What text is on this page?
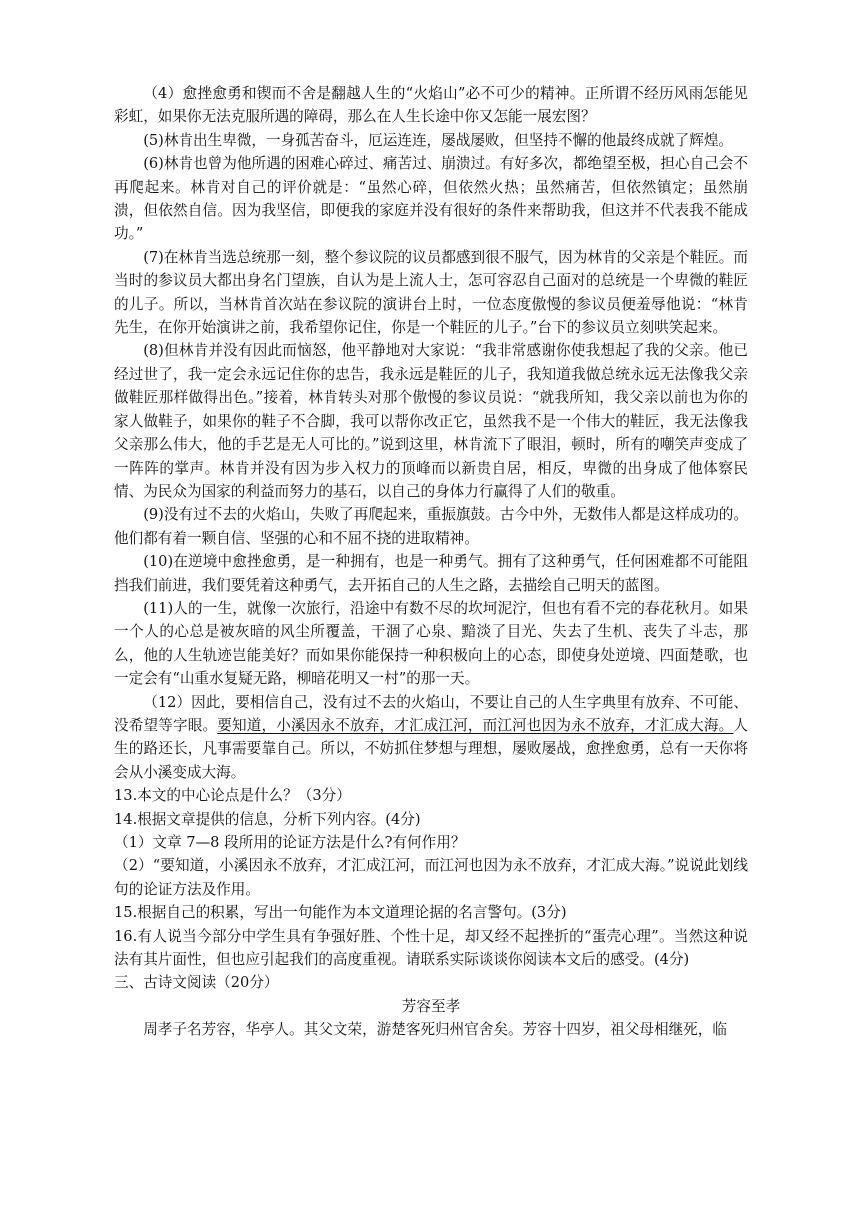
（4）愈挫愈勇和锲而不舍是翻越人生的“火焰山”必不可少的精神。正所谓不经历风雨怎能见彩虹，如果你无法克服所遇的障碍，那么在人生长途中你又怎能一展宏图？

(5)林肯出生卑微，一身孤苦奋斗，厄运连连，屡战屡败，但坚持不懈的他最终成就了辉煌。

(6)林肯也曾为他所遇的困难心碎过、痛苦过、崩溃过。有好多次，都绝望至极，担心自己会不再爬起来。林肯对自己的评价就是：“虽然心碎，但依然火热；虽然痛苦，但依然镇定；虽然崩溃，但依然自信。因为我坚信，即便我的家庭并没有很好的条件来帮助我，但这并不代表我不能成功。”

(7)在林肯当选总统那一刻，整个参议院的议员都感到很不服气，因为林肯的父亲是个鞋匠。而当时的参议员大都出身名门望族，自认为是上流人士，怎可容忍自己面对的总统是一个卑微的鞋匠的儿子。所以，当林肯首次站在参议院的演讲台上时，一位态度傲慢的参议员便羞辱他说：“林肯先生，在你开始演讲之前，我希望你记住，你是一个鞋匠的儿子。”台下的参议员立刻哄笑起来。

(8)但林肯并没有因此而恼怒，他平静地对大家说：“我非常感谢你使我想起了我的父亲。他已经过世了，我一定会永远记住你的忠告，我永远是鞋匠的儿子，我知道我做总统永远无法像我父亲做鞋匠那样做得出色。”接着，林肯转头对那个傲慢的参议员说：“就我所知，我父亲以前也为你的家人做鞋子，如果你的鞋子不合脚，我可以帮你改正它，虽然我不是一个伟大的鞋匠，我无法像我父亲那么伟大，他的手艺是无人可比的。”说到这里，林肯流下了眼泪，顿时，所有的嘲笑声变成了一阵阵的掌声。林肯并没有因为步入权力的顶峰而以新贵自居，相反，卑微的出身成了他体察民情、为民众为国家的利益而努力的基石，以自己的身体力行赢得了人们的敬重。

(9)没有过不去的火焰山，失败了再爬起来，重振旗鼓。古今中外，无数伟人都是这样成功的。他们都有着一颗自信、坚强的心和不屈不挠的进取精神。

(10)在逆境中愈挫愈勇，是一种拥有，也是一种勇气。拥有了这种勇气，任何困难都不可能阻挡我们前进，我们要凭着这种勇气，去开拓自己的人生之路，去描绘自己明天的蓝图。

(11)人的一生，就像一次旅行，沿途中有数不尽的坎坷泥泞，但也有看不完的春花秋月。如果一个人的心总是被灰暗的风尘所覆盖，干涸了心泉、黯淡了目光、失去了生机、丧失了斗志，那么，他的人生轨迹岂能美好？而如果你能保持一种积极向上的心态，即使身处逆境、四面楚歌，也一定会有“山重水复疑无路，柳暗花明又一村”的那一天。

（12）因此，要相信自己，没有过不去的火焰山，不要让自己的人生字典里有放弃、不可能、没希望等字眼。要知道，小溪因永不放弃，才汇成江河，而江河也因为永不放弃，才汇成大海。人生的路还长，凡事需要靠自己。所以，不妨抓住梦想与理想，屡败屡战，愈挫愈勇，总有一天你将会从小溪变成大海。

13.本文的中心论点是什么？（3分）

14.根据文章提供的信息，分析下列内容。(4分)

（1）文章 7—8 段所用的论证方法是什么?有何作用？

（2）“要知道，小溪因永不放弃，才汇成江河，而江河也因为永不放弃，才汇成大海。”说说此划线句的论证方法及作用。

15.根据自己的积累，写出一句能作为本文道理论据的名言警句。(3分)

16.有人说当今部分中学生具有争强好胜、个性十足，却又经不起挫折的“蛋壳心理”。当然这种说法有其片面性，但也应引起我们的高度重视。请联系实际谈谈你阅读本文后的感受。(4分)

三、古诗文阅读（20分）

芳容至孝

周孝子名芳容，华亭人。其父文荣，游楚客死归州官舍矣。芳容十四岁，祖父母相继死，临
